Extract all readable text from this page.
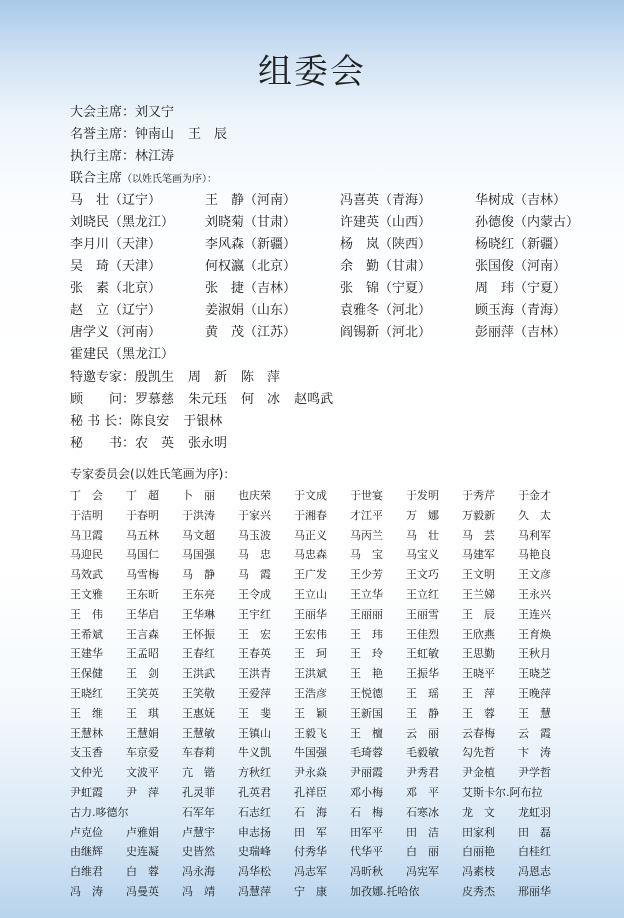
组委会
大会主席：刘又宁
名誉主席：钟南山 王　辰
执行主席：林江涛
联合主席（以姓氏笔画为序）：
马　壮（辽宁）	王　静（河南）	冯喜英（青海）	华树成（吉林）
刘晓民（黑龙江） 刘晓菊（甘肃）	许建英（山西）	孙德俊（内蒙古）
李月川（天津）	李风森（新疆）	杨　岚（陕西）	杨晓红（新疆）
吴　琦（天津）	何权瀛（北京）	余　勤（甘肃）	张国俊（河南）
张　素（北京）	张　捷（吉林）	张　锦（宁夏）	周　玮（宁夏）
赵　立（辽宁）	姜淑娟（山东）	袁雅冬（河北）	顾玉海（青海）
唐学义（河南）	黄　茂（江苏）	阎锡新（河北）	彭丽萍（吉林）
霍建民（黑龙江）
特邀专家：殷凯生 周　新 陈　萍
顾　　问：罗慕慈 朱元珏 何　冰 赵鸣武
秘 书 长：陈良安 于银林
秘　　书：农　英 张永明
专家委员会(以姓氏笔画为序)：
丁　会 丁　超 卜　丽 也庆荣 于文成 于世宴 于发明 于秀芹 于金才
于洁明 于春明 于洪涛 于家兴 于湘春 才江平 万　娜 万毅新 久　太
马卫霞 马五林 马文超 马玉波 马正义 马丙兰 马　壮 马　芸 马利军
马迎民 马国仁 马国强 马　忠 马忠森 马　宝 马宝义 马建军 马艳良
马效武 马雪梅 马　静 马　霞 王广发 王少芳 王文巧 王文明 王文彦
王文雅 王东昕 王东亮 王令成 王立山 王立华 王立红 王兰娣 王永兴
王　伟 王华启 王华琳 王宇红 王丽华 王丽丽 王丽雪 王　辰 王连兴
王希斌 王言森 王怀振 王　宏 王宏伟 王　玮 王佳烈 王欣燕 王育焕
王建华 王孟昭 王春红 王春英 王　珂 王　玲 王虹敏 王思勤 王秋月
王保健 王　剑 王洪武 王洪青 王洪斌 王　艳 王振华 王晓平 王晓芝
王晓红 王笑英 王笑敬 王爱萍 王浩彦 王悦德 王　瑶 王　萍 王晚萍
王　维 王　琪 王惠妩 王　斐 王　颖 王新国 王　静 王　蓉 王　慧
王慧林 王慧娟 王慧敏 王镇山 王毅飞 王　檀 云　丽 云春梅 云　霞
支玉香 车京爱 车春莉 牛义凯 牛国强 毛琦蓉 毛毅敏 勾先哲 卞　涛
文仲光 文波平 亢　锴 方秋红 尹永焱 尹丽霞 尹秀君 尹金植 尹学哲
尹虹霞 尹　萍 孔灵菲 孔英君 孔祥臣 邓小梅 邓　平 艾斯卡尔.阿布拉
古力.哆德尔	石军年 石志红 石　海 石　梅 石寒冰 龙　文 龙虹羽
卢克俭 卢雅娟 卢慧宇 申志扬 田　军 田军平 田　洁 田家利 田　磊
由继辉 史连凝 史皆然 史瑞峰 付秀华 代华平 白　丽 白丽艳 白桂红
白维君 白　蓉 冯永海 冯华松 冯志军 冯昕秋 冯宪军 冯素枝 冯恩志
冯　涛 冯曼英 冯　靖 冯慧萍 宁　康 加孜娜.托哈依	皮秀杰 邢丽华
